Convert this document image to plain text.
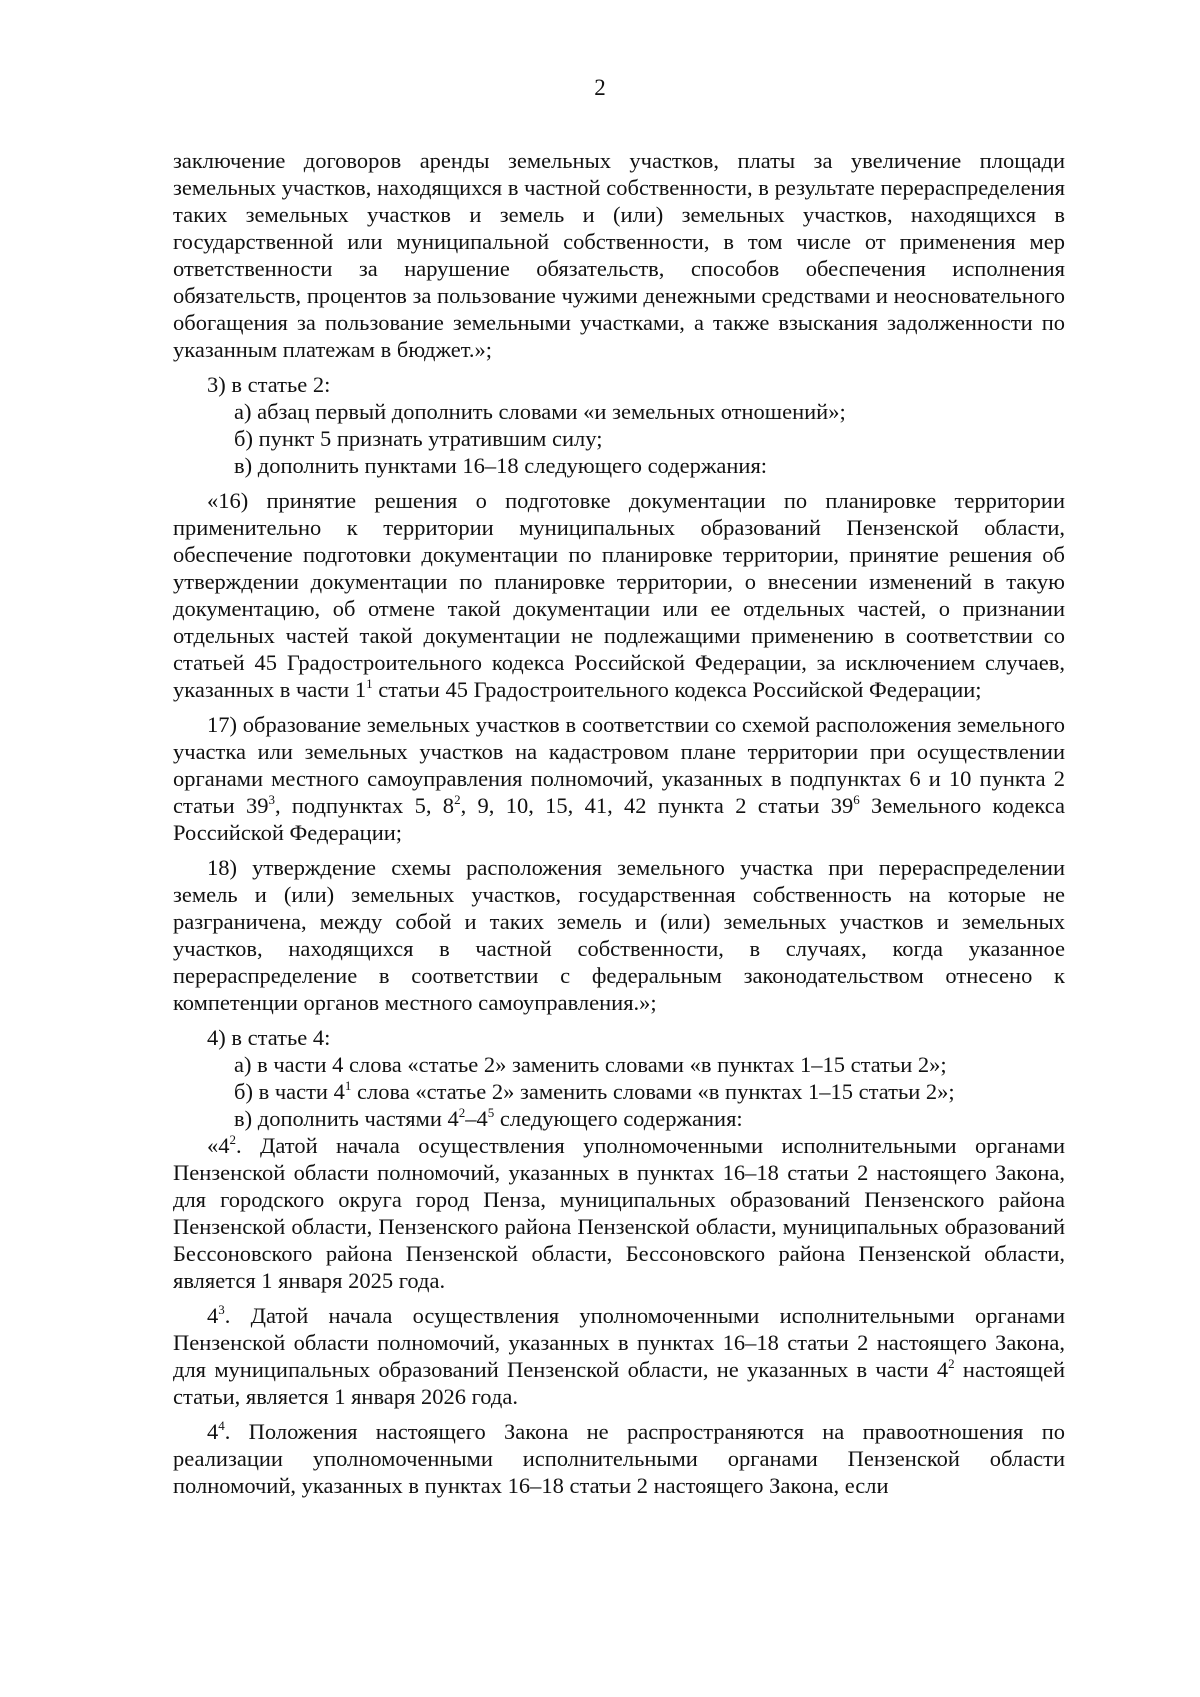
2

заключение договоров аренды земельных участков, платы за увеличение площади земельных участков, находящихся в частной собственности, в результате перераспределения таких земельных участков и земель и (или) земельных участков, находящихся в государственной или муниципальной собственности, в том числе от применения мер ответственности за нарушение обязательств, способов обеспечения исполнения обязательств, процентов за пользование чужими денежными средствами и неосновательного обогащения за пользование земельными участками, а также взыскания задолженности по указанным платежам в бюджет.»;

3) в статье 2:

а) абзац первый дополнить словами «и земельных отношений»;

б) пункт 5 признать утратившим силу;

в) дополнить пунктами 16–18 следующего содержания:

«16) принятие решения о подготовке документации по планировке территории применительно к территории муниципальных образований Пензенской области, обеспечение подготовки документации по планировке территории, принятие решения об утверждении документации по планировке территории, о внесении изменений в такую документацию, об отмене такой документации или ее отдельных частей, о признании отдельных частей такой документации не подлежащими применению в соответствии со статьей 45 Градостроительного кодекса Российской Федерации, за исключением случаев, указанных в части $1^1$ статьи 45 Градостроительного кодекса Российской Федерации;

17) образование земельных участков в соответствии со схемой расположения земельного участка или земельных участков на кадастровом плане территории при осуществлении органами местного самоуправления полномочий, указанных в подпунктах 6 и 10 пункта 2 статьи $39^3$, подпунктах 5, $8^2$, 9, 10, 15, 41, 42 пункта 2 статьи $39^6$ Земельного кодекса Российской Федерации;

18) утверждение схемы расположения земельного участка при перераспределении земель и (или) земельных участков, государственная собственность на которые не разграничена, между собой и таких земель и (или) земельных участков и земельных участков, находящихся в частной собственности, в случаях, когда указанное перераспределение в соответствии с федеральным законодательством отнесено к компетенции органов местного самоуправления.»;

4) в статье 4:

а) в части 4 слова «статье 2» заменить словами «в пунктах 1–15 статьи 2»;

б) в части $4^1$ слова «статье 2» заменить словами «в пунктах 1–15 статьи 2»;

в) дополнить частями $4^2-4^5$ следующего содержания:

«$4^2$. Датой начала осуществления уполномоченными исполнительными органами Пензенской области полномочий, указанных в пунктах 16–18 статьи 2 настоящего Закона, для городского округа город Пенза, муниципальных образований Пензенского района Пензенской области, Пензенского района Пензенской области, муниципальных образований Бессоновского района Пензенской области, Бессоновского района Пензенской области, является 1 января 2025 года.

$4^3$. Датой начала осуществления уполномоченными исполнительными органами Пензенской области полномочий, указанных в пунктах 16–18 статьи 2 настоящего Закона, для муниципальных образований Пензенской области, не указанных в части $4^2$ настоящей статьи, является 1 января 2026 года.

$4^4$. Положения настоящего Закона не распространяются на правоотношения по реализации уполномоченными исполнительными органами Пензенской области полномочий, указанных в пунктах 16–18 статьи 2 настоящего Закона, если
